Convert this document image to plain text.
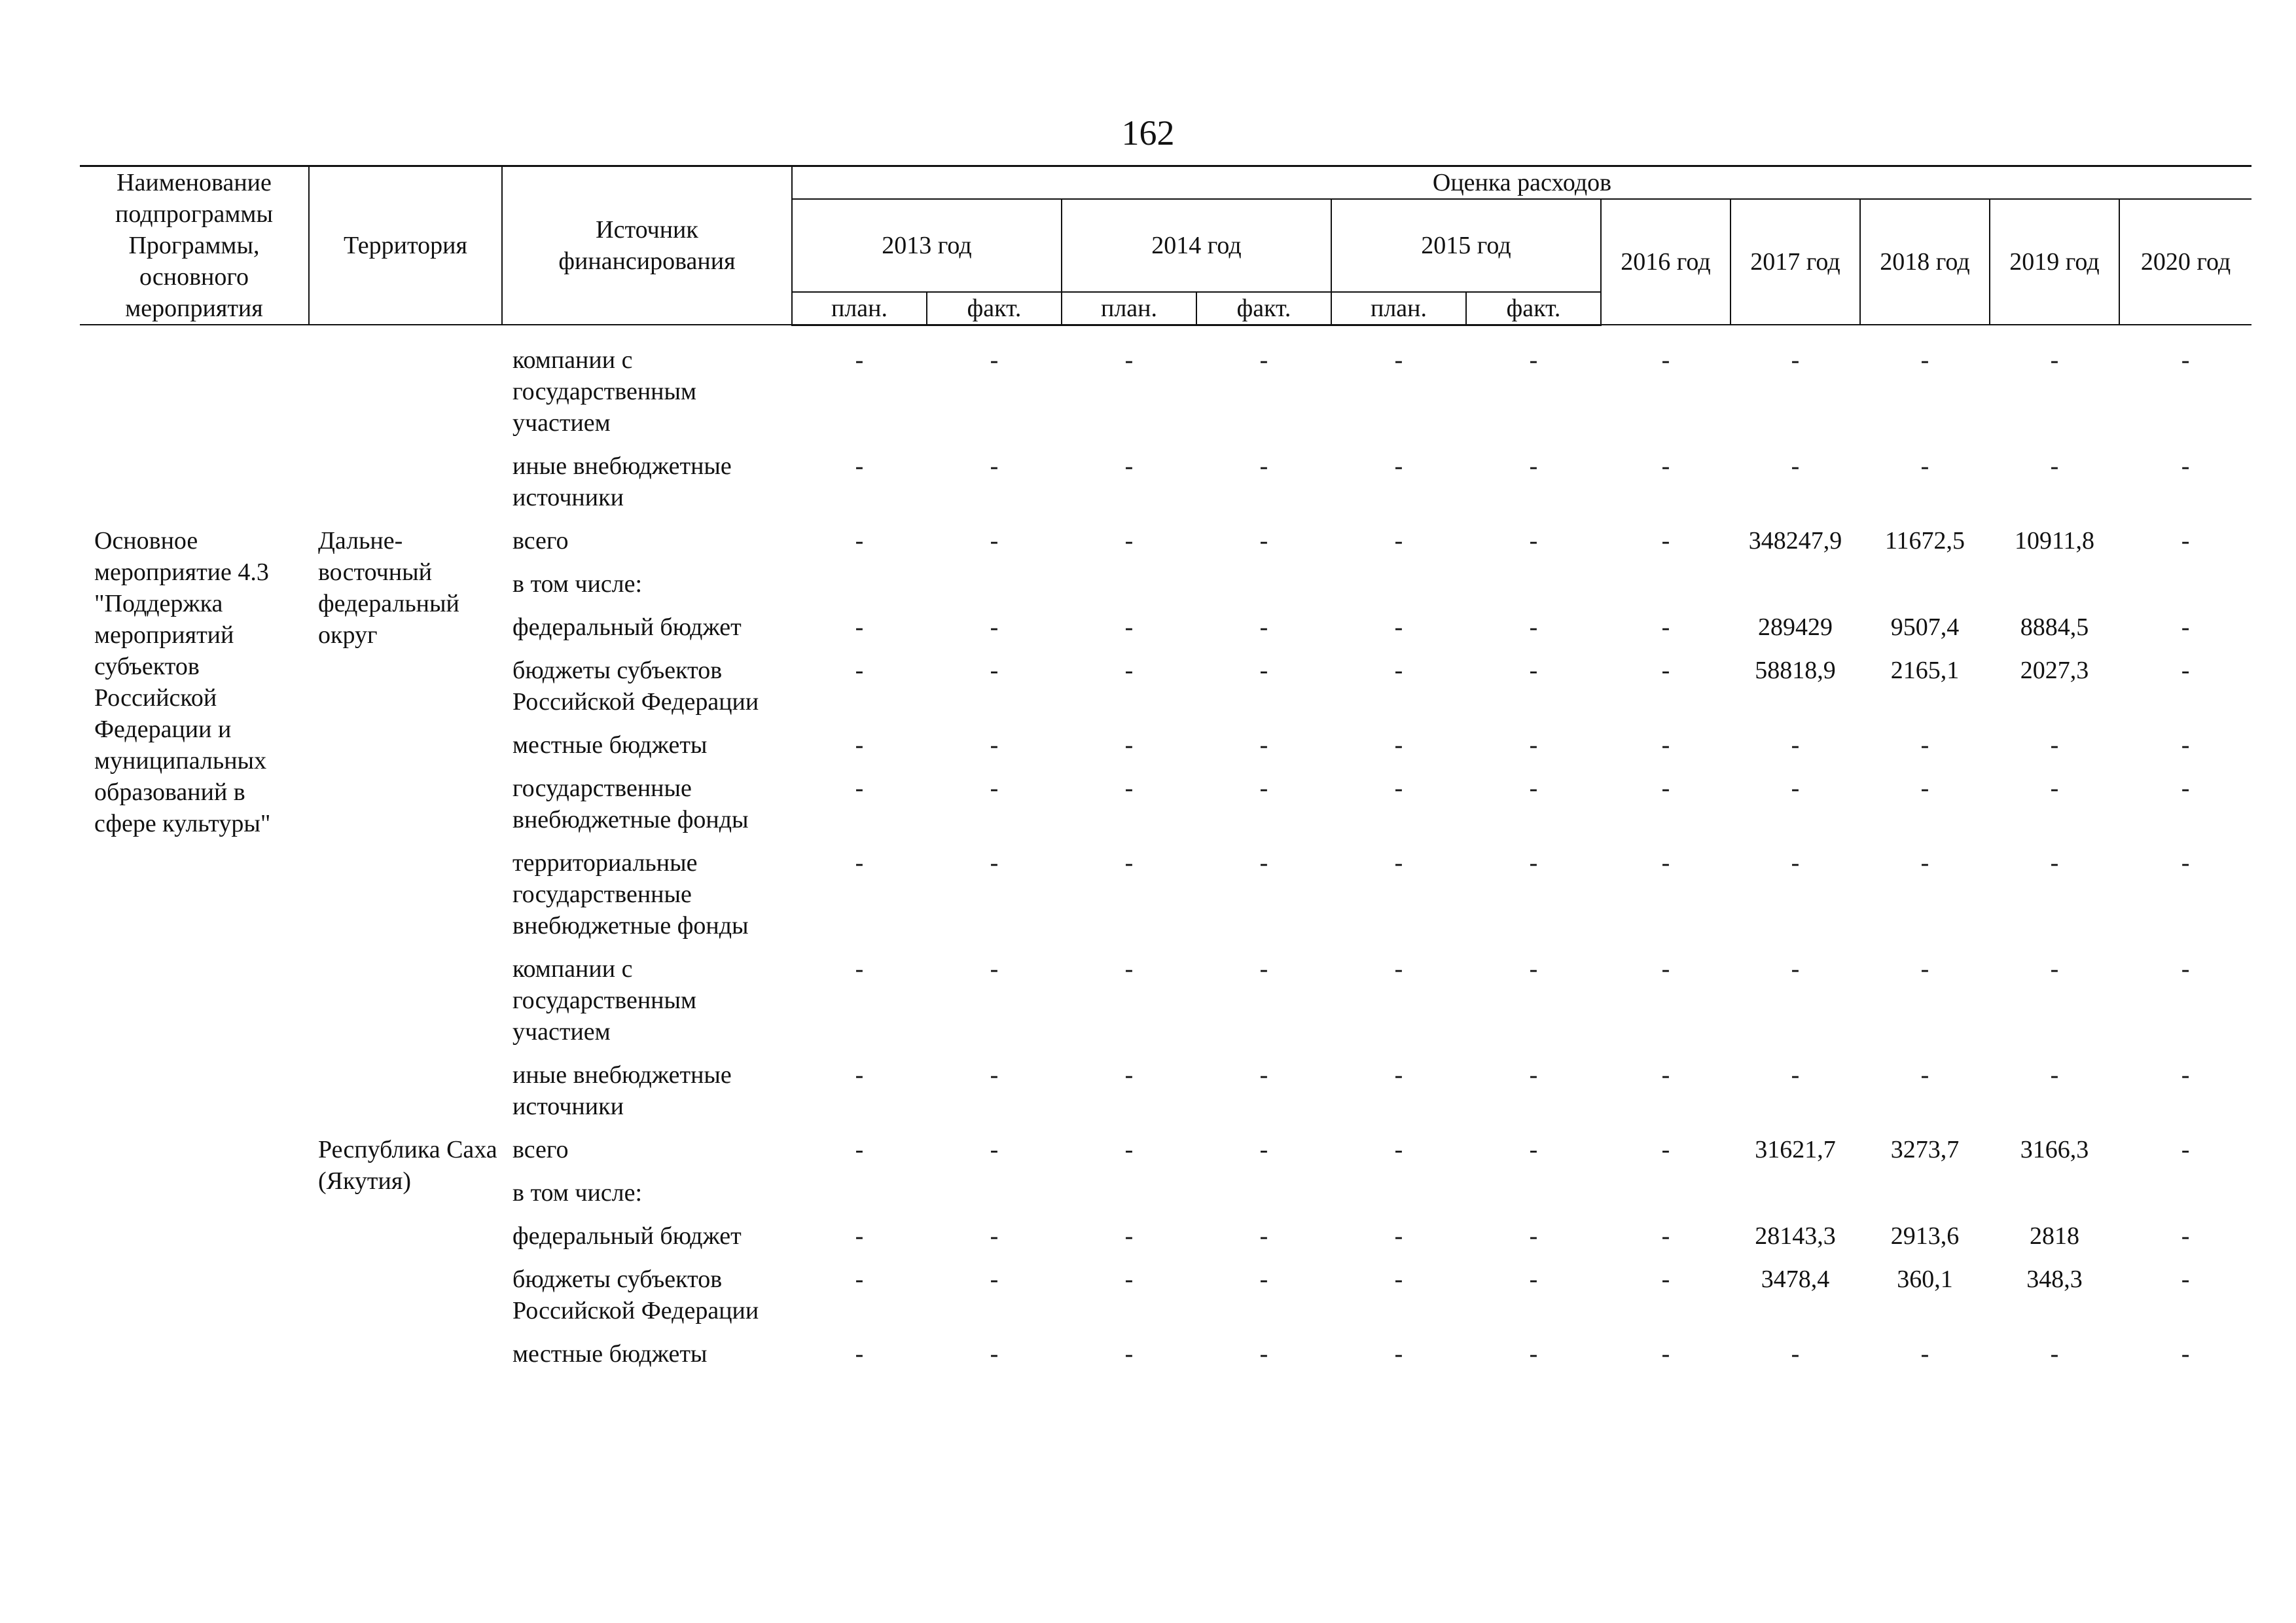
162
Наименование подпрограммы Программы, основного мероприятия	Территория	Источник финансирования	Оценка расходов										
			2013 год		2014 год		2015 год		2016 год	2017 год	2018 год	2019 год	2020 год
			план.	факт.	план.	факт.	план.	факт.					

		компании с государственным участием	-	-	-	-	-	-	-	-	-	-	-
		иные внебюджетные источники	-	-	-	-	-	-	-	-	-	-	-
Основное мероприятие 4.3 "Поддержка мероприятий субъектов Российской Федерации и муниципальных образований в сфере культуры"	Дальне-восточный федеральный округ	всего	-	-	-	-	-	-	-	348247,9	11672,5	10911,8	-
		в том числе:											
		федеральный бюджет	-	-	-	-	-	-	-	289429	9507,4	8884,5	-
		бюджеты субъектов Российской Федерации	-	-	-	-	-	-	-	58818,9	2165,1	2027,3	-
		местные бюджеты	-	-	-	-	-	-	-	-	-	-	-
		государственные внебюджетные фонды	-	-	-	-	-	-	-	-	-	-	-
		территориальные государственные внебюджетные фонды	-	-	-	-	-	-	-	-	-	-	-
		компании с государственным участием	-	-	-	-	-	-	-	-	-	-	-
		иные внебюджетные источники	-	-	-	-	-	-	-	-	-	-	-
	Республика Саха (Якутия)	всего	-	-	-	-	-	-	-	31621,7	3273,7	3166,3	-
		в том числе:											
		федеральный бюджет	-	-	-	-	-	-	-	28143,3	2913,6	2818	-
		бюджеты субъектов Российской Федерации	-	-	-	-	-	-	-	3478,4	360,1	348,3	-
		местные бюджеты	-	-	-	-	-	-	-	-	-	-	-
